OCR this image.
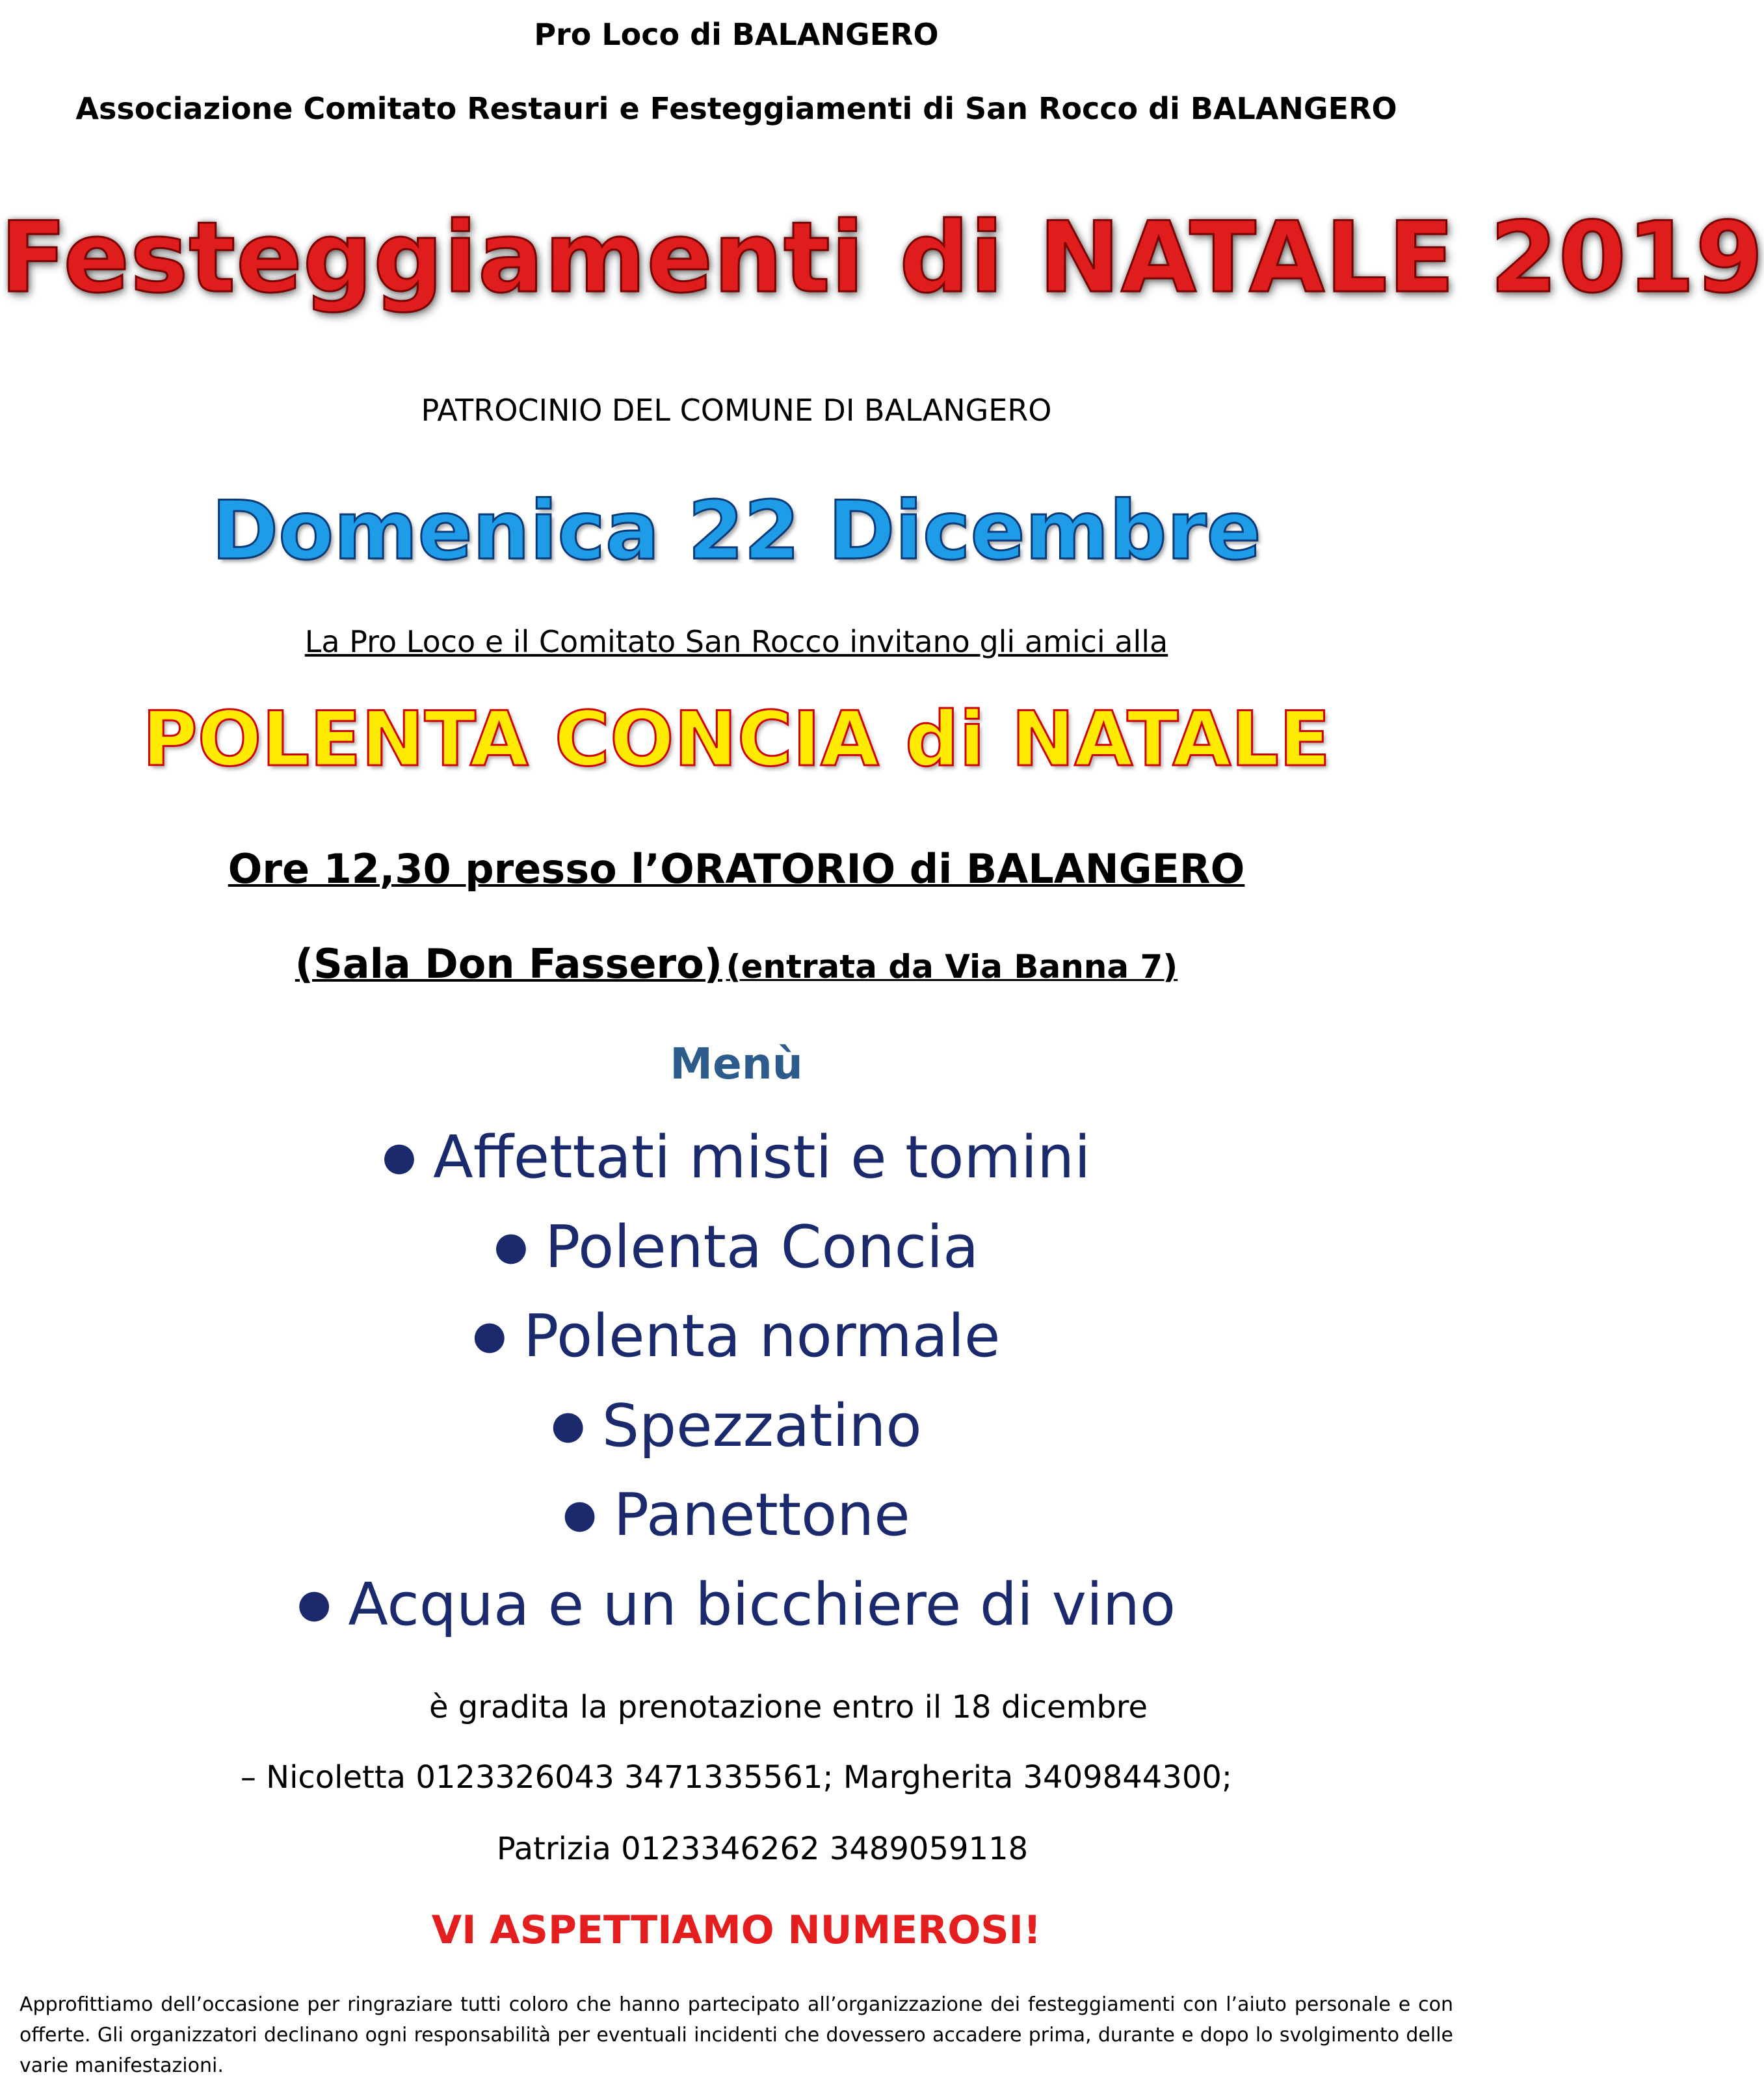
Pro Loco di BALANGERO
Associazione Comitato Restauri e Festeggiamenti di San Rocco di BALANGERO
Festeggiamenti di NATALE 2019
PATROCINIO DEL COMUNE DI BALANGERO
Domenica 22 Dicembre
La Pro Loco e il Comitato San Rocco invitano gli amici alla
POLENTA CONCIA di NATALE
Ore 12,30 presso l’ORATORIO di BALANGERO
(Sala Don Fassero) (entrata da Via Banna 7)
Menù
● Affettati misti e tomini
● Polenta Concia
● Polenta normale
● Spezzatino
● Panettone
● Acqua e un bicchiere di vino
è gradita la prenotazione entro il 18 dicembre
– Nicoletta 0123326043 3471335561; Margherita 3409844300;
Patrizia 0123346262 3489059118
VI ASPETTIAMO NUMEROSI!
Approfittiamo dell’occasione per ringraziare tutti coloro che hanno partecipato all’organizzazione dei festeggiamenti con l’aiuto personale e con offerte. Gli organizzatori declinano ogni responsabilità per eventuali incidenti che dovessero accadere prima, durante e dopo lo svolgimento delle varie manifestazioni.
